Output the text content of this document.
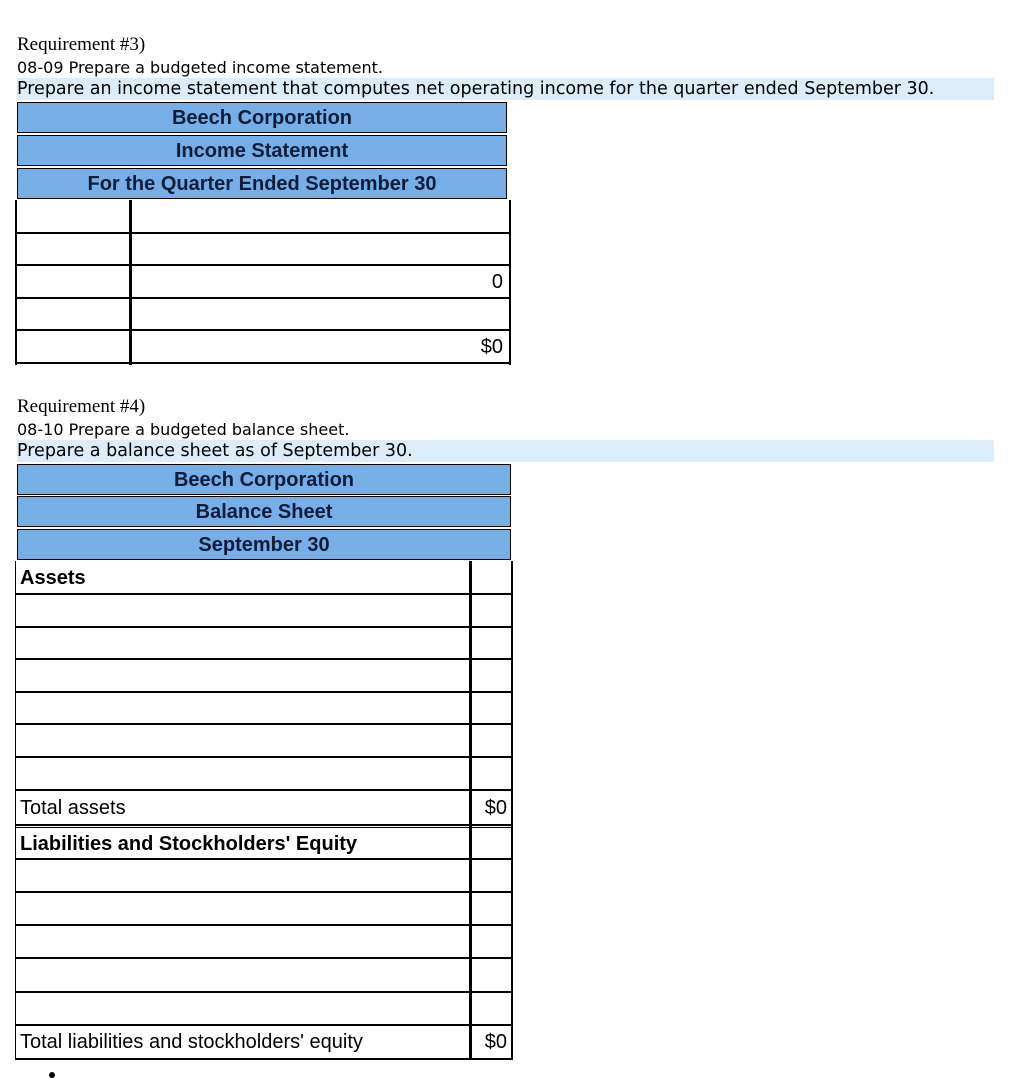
Requirement #3)
08-09 Prepare a budgeted income statement.
Prepare an income statement that computes net operating income for the quarter ended September 30.
Beech Corporation
Income Statement
For the Quarter Ended September 30
0
$0
Requirement #4)
08-10 Prepare a budgeted balance sheet.
Prepare a balance sheet as of September 30.
Beech Corporation
Balance Sheet
September 30
Assets
Total assets	$0
Liabilities and Stockholders' Equity
Total liabilities and stockholders' equity	$0
